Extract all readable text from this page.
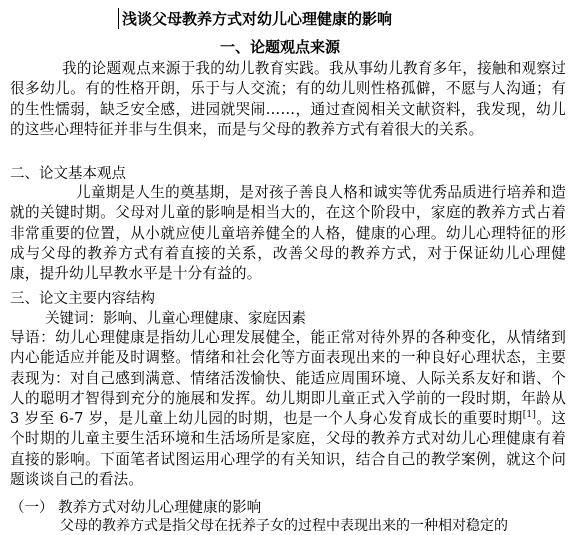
浅谈父母教养方式对幼儿心理健康的影响
一、论题观点来源

我的论题观点来源于我的幼儿教育实践。我从事幼儿教育多年，接触和观察过很多幼儿。有的性格开朗，乐于与人交流；有的幼儿则性格孤僻，不愿与人沟通；有的生性懦弱，缺乏安全感，进园就哭闹……，通过查阅相关文献资料，我发现，幼儿的这些心理特征并非与生俱来，而是与父母的教养方式有着很大的关系。

二、论文基本观点

儿童期是人生的奠基期，是对孩子善良人格和诚实等优秀品质进行培养和造就的关键时期。父母对儿童的影响是相当大的，在这个阶段中，家庭的教养方式占着非常重要的位置，从小就应使儿童培养健全的人格，健康的心理。幼儿心理特征的形成与父母的教养方式有着直接的关系，改善父母的教养方式，对于保证幼儿心理健康，提升幼儿早教水平是十分有益的。

三、论文主要内容结构
关键词：影响、儿童心理健康、家庭因素

导语：幼儿心理健康是指幼儿心理发展健全，能正常对待外界的各种变化，从情绪到内心能适应并能及时调整。情绪和社会化等方面表现出来的一种良好心理状态，主要表现为：对自己感到满意、情绪活泼愉快、能适应周围环境、人际关系友好和谐、个人的聪明才智得到充分的施展和发挥。幼儿期即儿童正式入学前的一段时期，年龄从 3 岁至 6-7 岁，是儿童上幼儿园的时期，也是一个人身心发育成长的重要时期[1]。这个时期的儿童主要生活环境和生活场所是家庭，父母的教养方式对幼儿心理健康有着直接的影响。下面笔者试图运用心理学的有关知识，结合自己的教学案例，就这个问题谈谈自己的看法。

（一） 教养方式对幼儿心理健康的影响
父母的教养方式是指父母在抚养子女的过程中表现出来的一种相对稳定的
